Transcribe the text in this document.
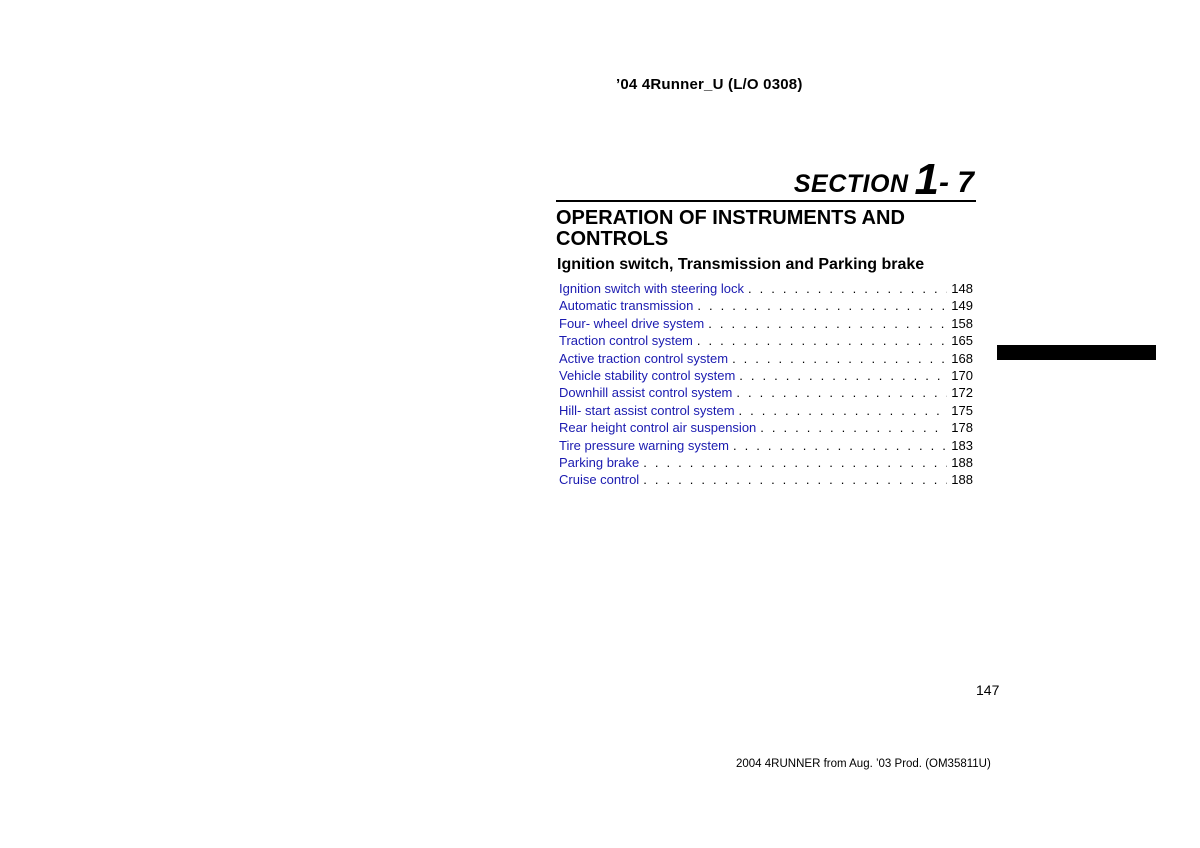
’04 4Runner_U (L/O 0308)
SECTION 1- 7
OPERATION OF INSTRUMENTS AND CONTROLS
Ignition switch, Transmission and Parking brake
Ignition switch with steering lock . . .	148
Automatic transmission . . .	149
Four- wheel drive system . . .	158
Traction control system . . .	165
Active traction control system . . .	168
Vehicle stability control system . . .	170
Downhill assist control system . . .	172
Hill- start assist control system . . .	175
Rear height control air suspension . . .	178
Tire pressure warning system . . .	183
Parking brake . . .	188
Cruise control . . .	188
147
2004 4RUNNER from Aug. ’03 Prod. (OM35811U)
